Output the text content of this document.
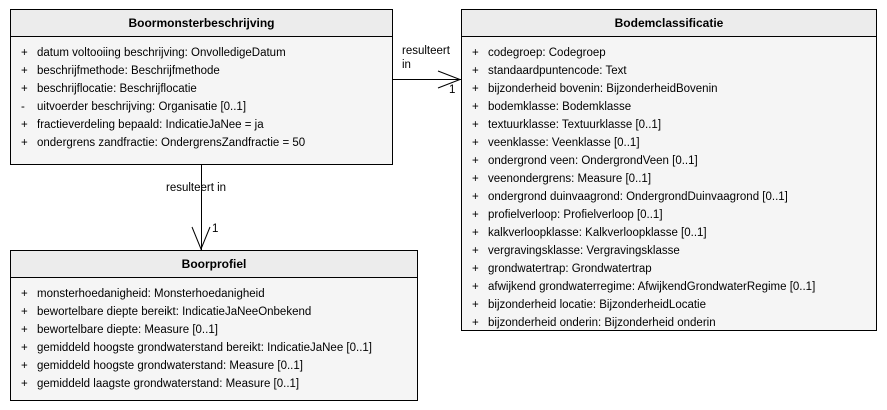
Boormonsterbeschrijving
+ datum voltooiing beschrijving: OnvolledigeDatum
+ beschrijfmethode: Beschrijfmethode
+ beschrijflocatie: Beschrijflocatie
-	uitvoerder beschrijving: Organisatie [0..1]
+ fractieverdeling bepaald: IndicatieJaNee = ja
+ ondergrens zandfractie: OndergrensZandfractie = 50
Boorprofiel
+ monsterhoedanigheid: Monsterhoedanigheid
+ bewortelbare diepte bereikt: IndicatieJaNeeOnbekend
+ bewortelbare diepte: Measure [0..1]
+ gemiddeld hoogste grondwaterstand bereikt: IndicatieJaNee [0..1]
+ gemiddeld hoogste grondwaterstand: Measure [0..1]
+ gemiddeld laagste grondwaterstand: Measure [0..1]
Bodemclassificatie
+ codegroep: Codegroep
+ standaardpuntencode: Text
+ bijzonderheid bovenin: BijzonderheidBovenin
+ bodemklasse: Bodemklasse
+ textuurklasse: Textuurklasse [0..1]
+ veenklasse: Veenklasse [0..1]
+ ondergrond veen: OndergrondVeen [0..1]
+ veenondergrens: Measure [0..1]
+ ondergrond duinvaagrond: OndergrondDuinvaagrond [0..1]
+ profielverloop: Profielverloop [0..1]
+ kalkverloopklasse: Kalkverloopklasse [0..1]
+ vergravingsklasse: Vergravingsklasse
+ grondwatertrap: Grondwatertrap
+ afwijkend grondwaterregime: AfwijkendGrondwaterRegime [0..1]
+ bijzonderheid locatie: BijzonderheidLocatie
+ bijzonderheid onderin: Bijzonderheid onderin
resulteert
in
1
resulteert in
1
